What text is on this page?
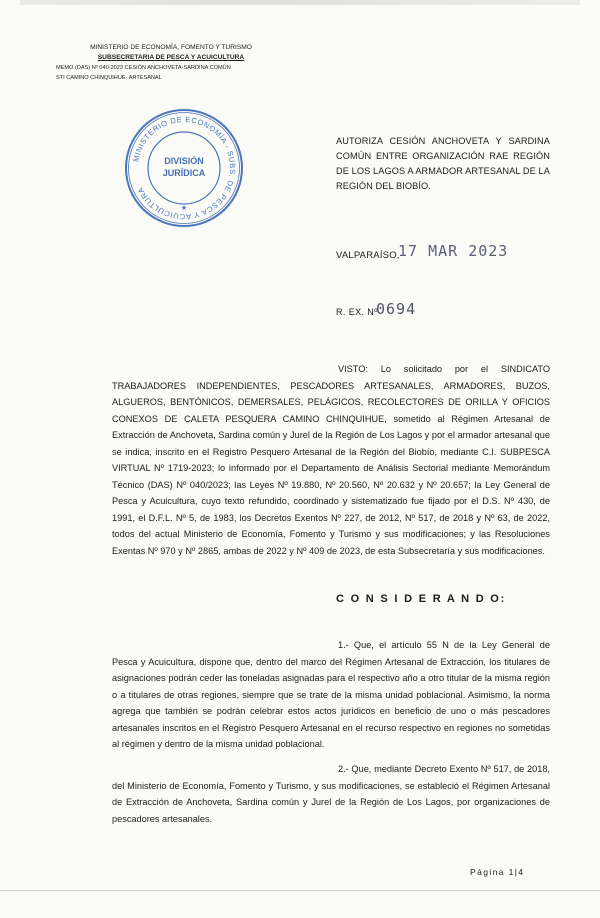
MINISTERIO DE ECONOMÍA, FOMENTO Y TURISMO
SUBSECRETARIA DE PESCA Y ACUICULTURA
MEMO (DAS) Nº 040-2023 CESIÓN ANCHOVETA-SARDINA COMÚN
STI CAMINO CHINQUIHUE- ARTESANAL
MINISTERIO DE ECONOMÍA - SUBS. DE PESCA Y ACUICULTURA
DIVISIÓN
JURÍDICA
★
AUTORIZA CESIÓN ANCHOVETA Y SARDINA COMÚN ENTRE ORGANIZACIÓN RAE REGIÓN DE LOS LAGOS A ARMADOR ARTESANAL DE LA REGIÓN DEL BIOBÍO.
VALPARAÍSO,
17 MAR 2023
R. EX. Nº
0694
VISTO: Lo solicitado por el SINDICATO TRABAJADORES INDEPENDIENTES, PESCADORES ARTESANALES, ARMADORES, BUZOS, ALGUEROS, BENTÓNICOS, DEMERSALES, PELÁGICOS, RECOLECTORES DE ORILLA Y OFICIOS CONEXOS DE CALETA PESQUERA CAMINO CHINQUIHUE, sometido al Régimen Artesanal de Extracción de Anchoveta, Sardina común y Jurel de la Región de Los Lagos y por el armador artesanal que se indica, inscrito en el Registro Pesquero Artesanal de la Región del Biobío, mediante C.I. SUBPESCA VIRTUAL Nº 1719-2023; lo informado por el Departamento de Análisis Sectorial mediante Memorándum Técnico (DAS) Nº 040/2023; las Leyes Nº 19.880, Nº 20.560, Nº 20.632 y Nº 20.657; la Ley General de Pesca y Acuicultura, cuyo texto refundido, coordinado y sistematizado fue fijado por el D.S. Nº 430, de 1991, el D.F.L. Nº 5, de 1983, los Decretos Exentos Nº 227, de 2012, Nº 517, de 2018 y Nº 63, de 2022, todos del actual Ministerio de Economía, Fomento y Turismo y sus modificaciones; y las Resoluciones Exentas Nº 970 y Nº 2865, ambas de 2022 y Nº 409 de 2023, de esta Subsecretaría y sus modificaciones.
C O N S I D E R A N D O:
1.- Que, el artículo 55 N de la Ley General de Pesca y Acuicultura, dispone que, dentro del marco del Régimen Artesanal de Extracción, los titulares de asignaciones podrán ceder las toneladas asignadas para el respectivo año a otro titular de la misma región o a titulares de otras regiones, siempre que se trate de la misma unidad poblacional. Asimismo, la norma agrega que también se podrán celebrar estos actos jurídicos en beneficio de uno o más pescadores artesanales inscritos en el Registro Pesquero Artesanal en el recurso respectivo en regiones no sometidas al régimen y dentro de la misma unidad poblacional.
2.- Que, mediante Decreto Exento Nº 517, de 2018, del Ministerio de Economía, Fomento y Turismo, y sus modificaciones, se estableció el Régimen Artesanal de Extracción de Anchoveta, Sardina común y Jurel de la Región de Los Lagos, por organizaciones de pescadores artesanales.
Página 1|4
